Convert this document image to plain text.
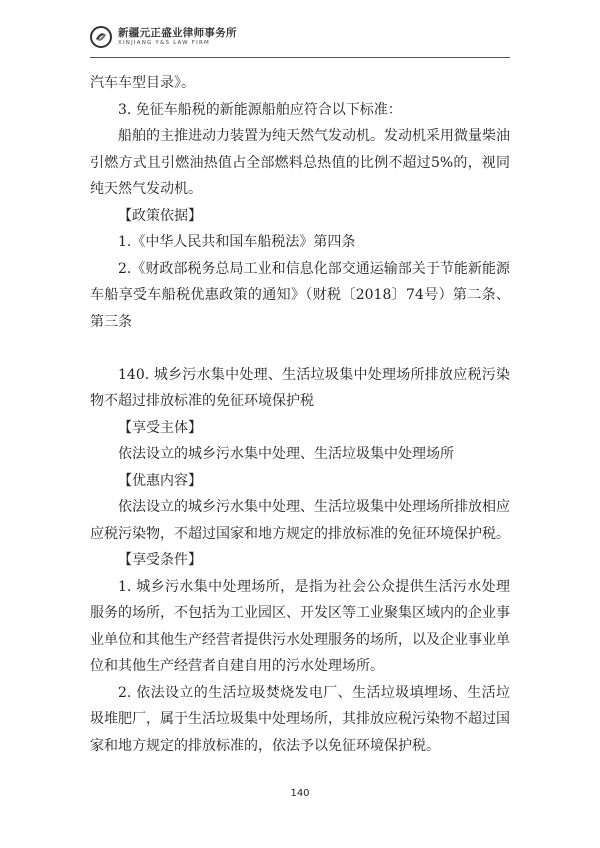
新疆元正盛业律师事务所
XINJIANG Y&S LAW FIRM

汽车车型目录》。

3. 免征车船税的新能源船舶应符合以下标准：

船舶的主推进动力装置为纯天然气发动机。发动机采用微量柴油引燃方式且引燃油热值占全部燃料总热值的比例不超过5%的，视同纯天然气发动机。

【政策依据】

1.《中华人民共和国车船税法》第四条

2.《财政部税务总局工业和信息化部交通运输部关于节能新能源车船享受车船税优惠政策的通知》（财税〔2018〕74号）第二条、第三条

140. 城乡污水集中处理、生活垃圾集中处理场所排放应税污染物不超过排放标准的免征环境保护税

【享受主体】

依法设立的城乡污水集中处理、生活垃圾集中处理场所

【优惠内容】

依法设立的城乡污水集中处理、生活垃圾集中处理场所排放相应应税污染物，不超过国家和地方规定的排放标准的免征环境保护税。

【享受条件】

1. 城乡污水集中处理场所，是指为社会公众提供生活污水处理服务的场所，不包括为工业园区、开发区等工业聚集区域内的企业事业单位和其他生产经营者提供污水处理服务的场所，以及企业事业单位和其他生产经营者自建自用的污水处理场所。

2. 依法设立的生活垃圾焚烧发电厂、生活垃圾填埋场、生活垃圾堆肥厂，属于生活垃圾集中处理场所，其排放应税污染物不超过国家和地方规定的排放标准的，依法予以免征环境保护税。

140
